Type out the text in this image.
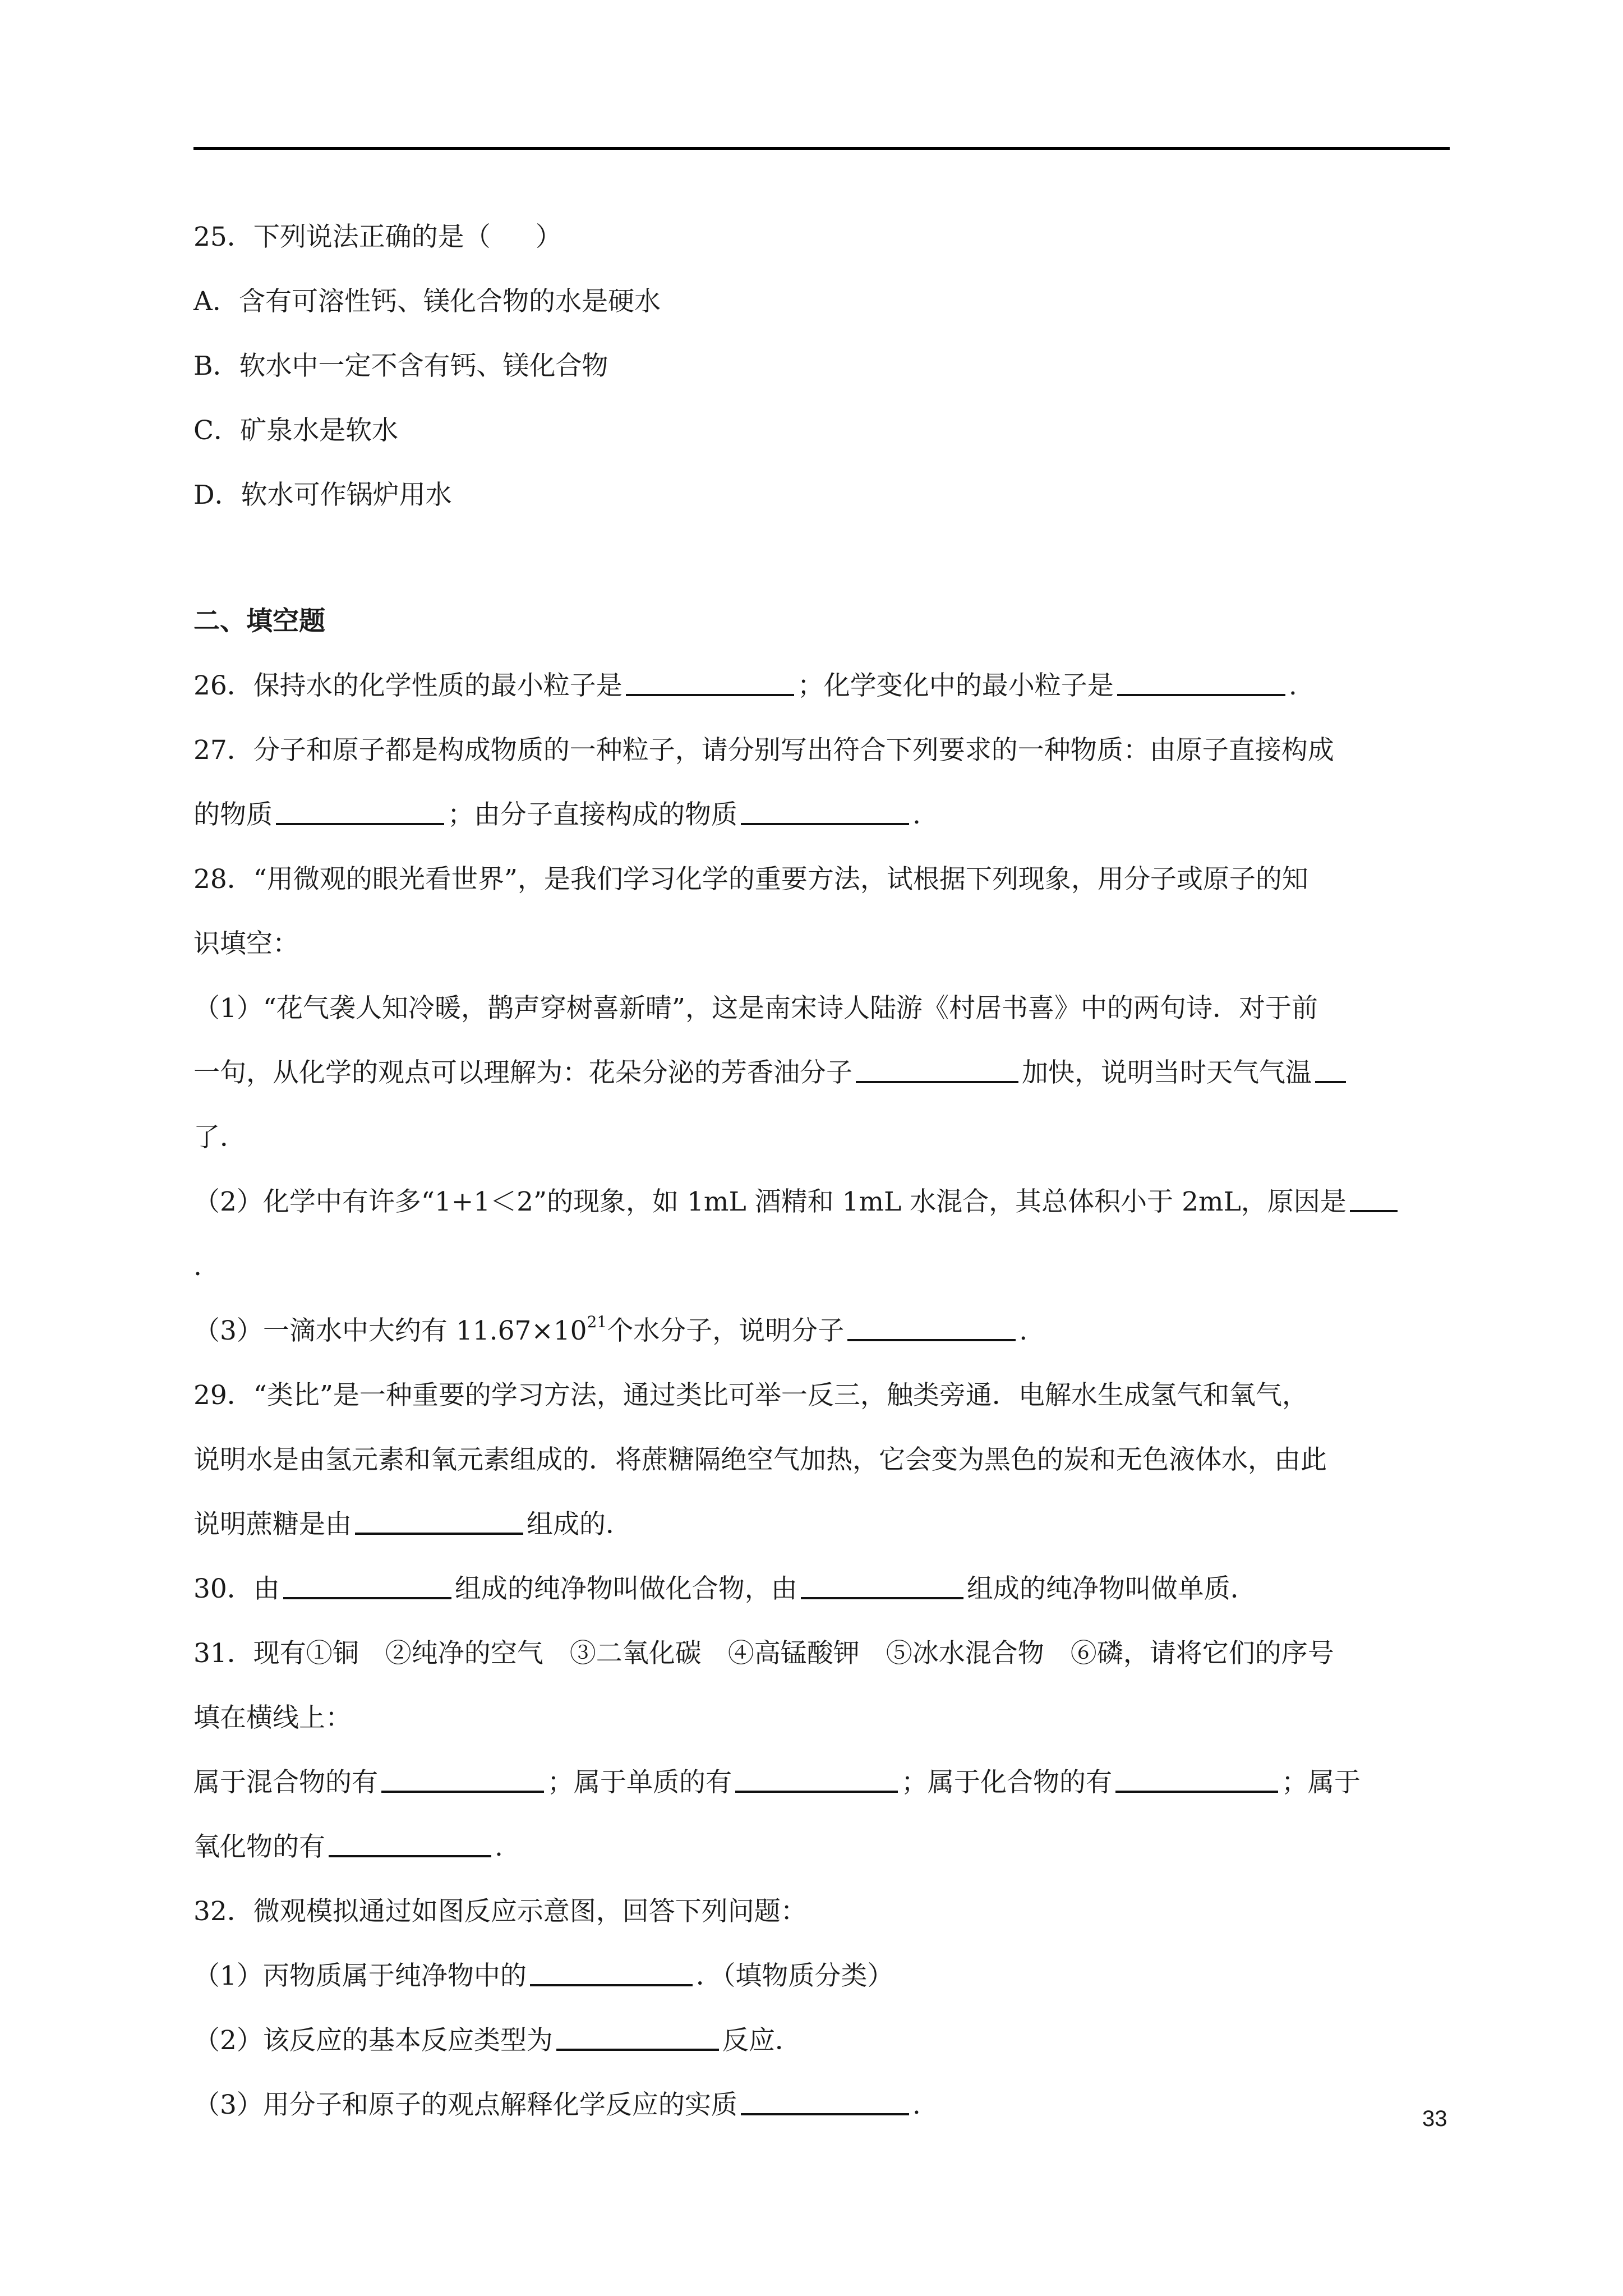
25．下列说法正确的是（ ）
A．含有可溶性钙、镁化合物的水是硬水
B．软水中一定不含有钙、镁化合物
C．矿泉水是软水
D．软水可作锅炉用水
二、填空题
26．保持水的化学性质的最小粒子是	；化学变化中的最小粒子是	.
27．分子和原子都是构成物质的一种粒子，请分别写出符合下列要求的一种物质：由原子直接构成
的物质	；由分子直接构成的物质	.
28．“用微观的眼光看世界”，是我们学习化学的重要方法，试根据下列现象，用分子或原子的知
识填空：
（1）“花气袭人知冷暖，鹊声穿树喜新晴”，这是南宋诗人陆游《村居书喜》中的两句诗．对于前
一句，从化学的观点可以理解为：花朵分泌的芳香油分子	加快，说明当时天气气温
了．
（2）化学中有许多“1+1＜2”的现象，如 1mL 酒精和 1mL 水混合，其总体积小于 2mL，原因是
.
（3）一滴水中大约有 $11.67\times 10^{21}$个水分子，说明分子	.
29．“类比”是一种重要的学习方法，通过类比可举一反三，触类旁通．电解水生成氢气和氧气，
说明水是由氢元素和氧元素组成的．将蔗糖隔绝空气加热，它会变为黑色的炭和无色液体水，由此
说明蔗糖是由	组成的．
30．由	组成的纯净物叫做化合物，由	组成的纯净物叫做单质．
31．现有①铜　②纯净的空气　③二氧化碳　④高锰酸钾　⑤冰水混合物　⑥磷，请将它们的序号
填在横线上：
属于混合物的有	；属于单质的有	；属于化合物的有	；属于
氧化物的有	.
32．微观模拟通过如图反应示意图，回答下列问题：
（1）丙物质属于纯净物中的	．（填物质分类）
（2）该反应的基本反应类型为	反应．
（3）用分子和原子的观点解释化学反应的实质	.	33
